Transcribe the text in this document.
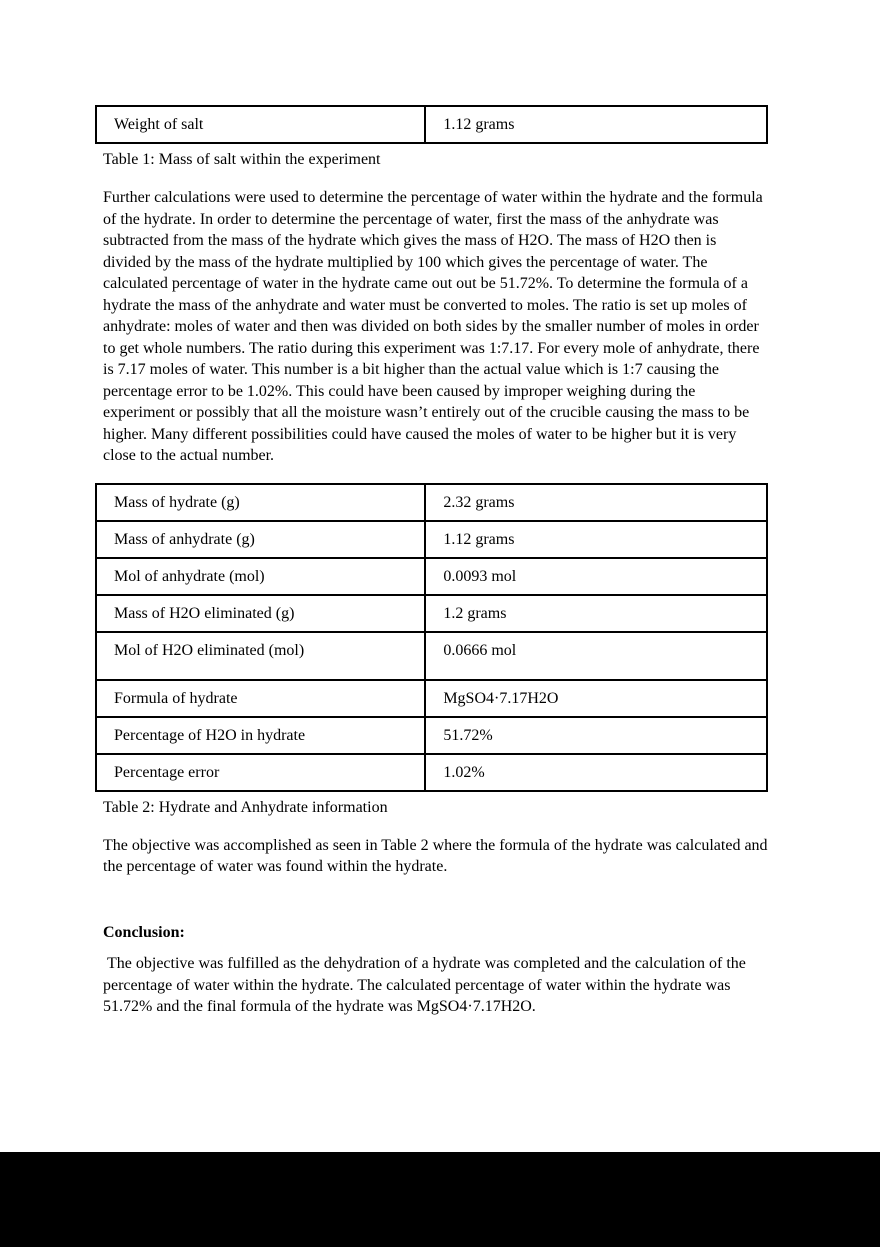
Weight of salt	1.12 grams
Table 1: Mass of salt within the experiment

Further calculations were used to determine the percentage of water within the hydrate and the formula of the hydrate. In order to determine the percentage of water, first the mass of the anhydrate was subtracted from the mass of the hydrate which gives the mass of H2O. The mass of H2O then is divided by the mass of the hydrate multiplied by 100 which gives the percentage of water. The calculated percentage of water in the hydrate came out out be 51.72%. To determine the formula of a hydrate the mass of the anhydrate and water must be converted to moles. The ratio is set up moles of anhydrate: moles of water and then was divided on both sides by the smaller number of moles in order to get whole numbers. The ratio during this experiment was 1:7.17. For every mole of anhydrate, there is 7.17 moles of water. This number is a bit higher than the actual value which is 1:7 causing the percentage error to be 1.02%. This could have been caused by improper weighing during the experiment or possibly that all the moisture wasn’t entirely out of the crucible causing the mass to be higher. Many different possibilities could have caused the moles of water to be higher but it is very close to the actual number.

Mass of hydrate (g)	2.32 grams
Mass of anhydrate (g)	1.12 grams
Mol of anhydrate (mol)	0.0093 mol
Mass of H2O eliminated (g)	1.2 grams
Mol of H2O eliminated (mol)	0.0666 mol
Formula of hydrate	MgSO4·7.17H2O
Percentage of H2O in hydrate	51.72%
Percentage error	1.02%
Table 2: Hydrate and Anhydrate information

The objective was accomplished as seen in Table 2 where the formula of the hydrate was calculated and the percentage of water was found within the hydrate.

Conclusion:

The objective was fulfilled as the dehydration of a hydrate was completed and the calculation of the percentage of water within the hydrate. The calculated percentage of water within the hydrate was 51.72% and the final formula of the hydrate was MgSO4·7.17H2O.
